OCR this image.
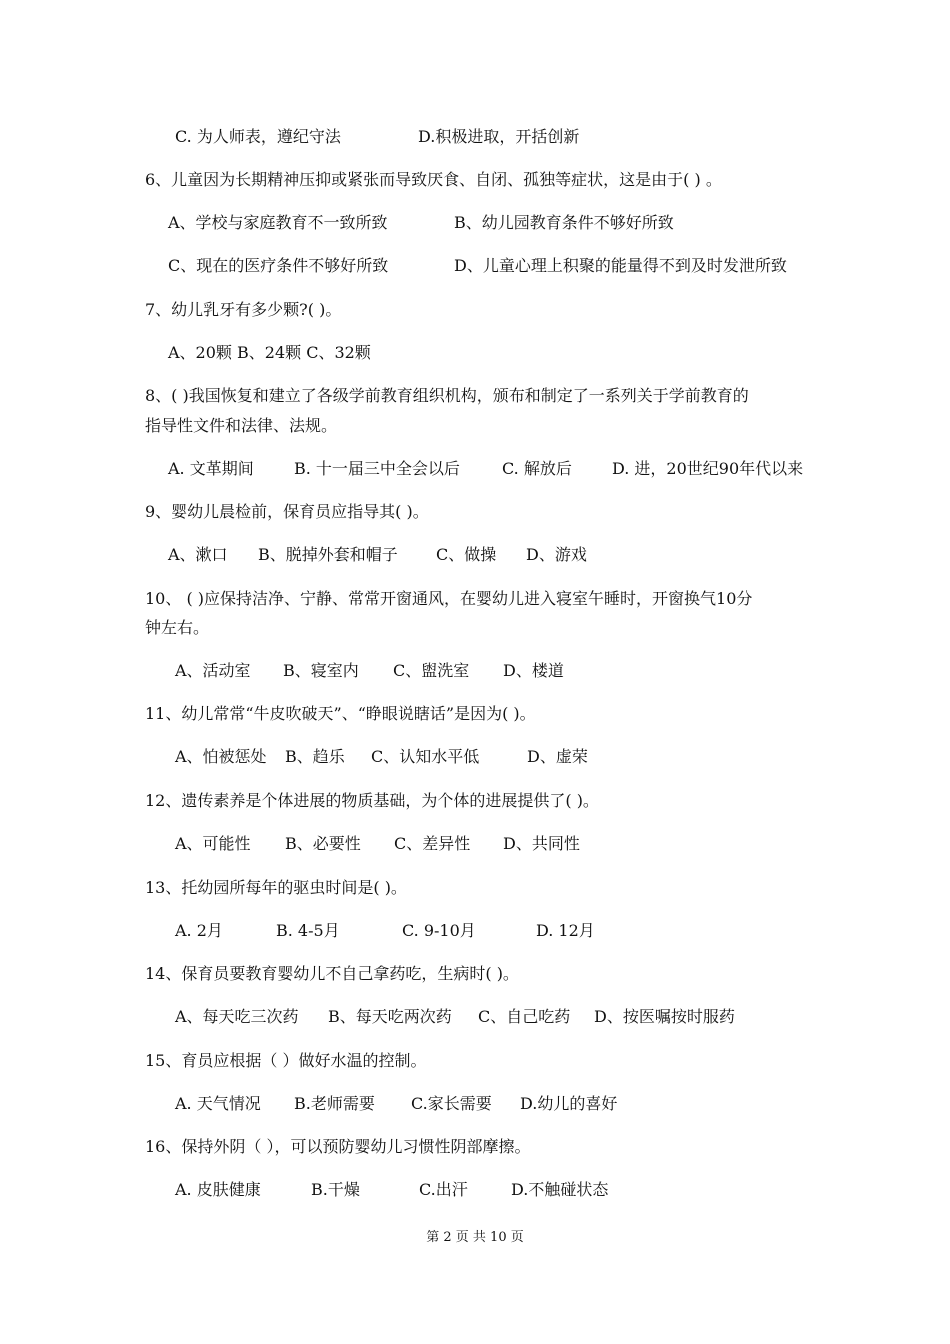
C. 为人师表，遵纪守法	D.积极进取，开括创新
6、儿童因为长期精神压抑或紧张而导致厌食、自闭、孤独等症状，这是由于( ) 。
A、学校与家庭教育不一致所致	B、幼儿园教育条件不够好所致
C、现在的医疗条件不够好所致	D、儿童心理上积聚的能量得不到及时发泄所致
7、幼儿乳牙有多少颗?( )。
A、20颗 B、24颗 C、32颗
8、( )我国恢复和建立了各级学前教育组织机构，颁布和制定了一系列关于学前教育的
指导性文件和法律、法规。
A. 文革期间	B. 十一届三中全会以后	C. 解放后	D. 进，20世纪90年代以来
9、婴幼儿晨检前，保育员应指导其( )。
A、漱口 B、脱掉外套和帽子 C、做操 D、游戏
10、 ( )应保持洁净、宁静、常常开窗通风，在婴幼儿进入寝室午睡时，开窗换气10分
钟左右。
A、活动室 B、寝室内 C、盥洗室 D、楼道
11、幼儿常常“牛皮吹破天”、“睁眼说瞎话”是因为( )。
A、怕被惩处 B、趋乐 C、认知水平低	D、虚荣
12、遗传素养是个体进展的物质基础，为个体的进展提供了( )。
A、可能性 B、必要性 C、差异性 D、共同性
13、托幼园所每年的驱虫时间是( )。
A. 2月	B. 4-5月	C. 9-10月	D. 12月
14、保育员要教育婴幼儿不自己拿药吃，生病时( )。
A、每天吃三次药 B、每天吃两次药 C、自己吃药 D、按医嘱按时服药
15、育员应根据（ ）做好水温的控制。
A. 天气情况 B.老师需要 C.家长需要 D.幼儿的喜好
16、保持外阴（ ），可以预防婴幼儿习惯性阴部摩擦。
A. 皮肤健康	B.干燥	C.出汗	D.不触碰状态
第 2 页 共 10 页
